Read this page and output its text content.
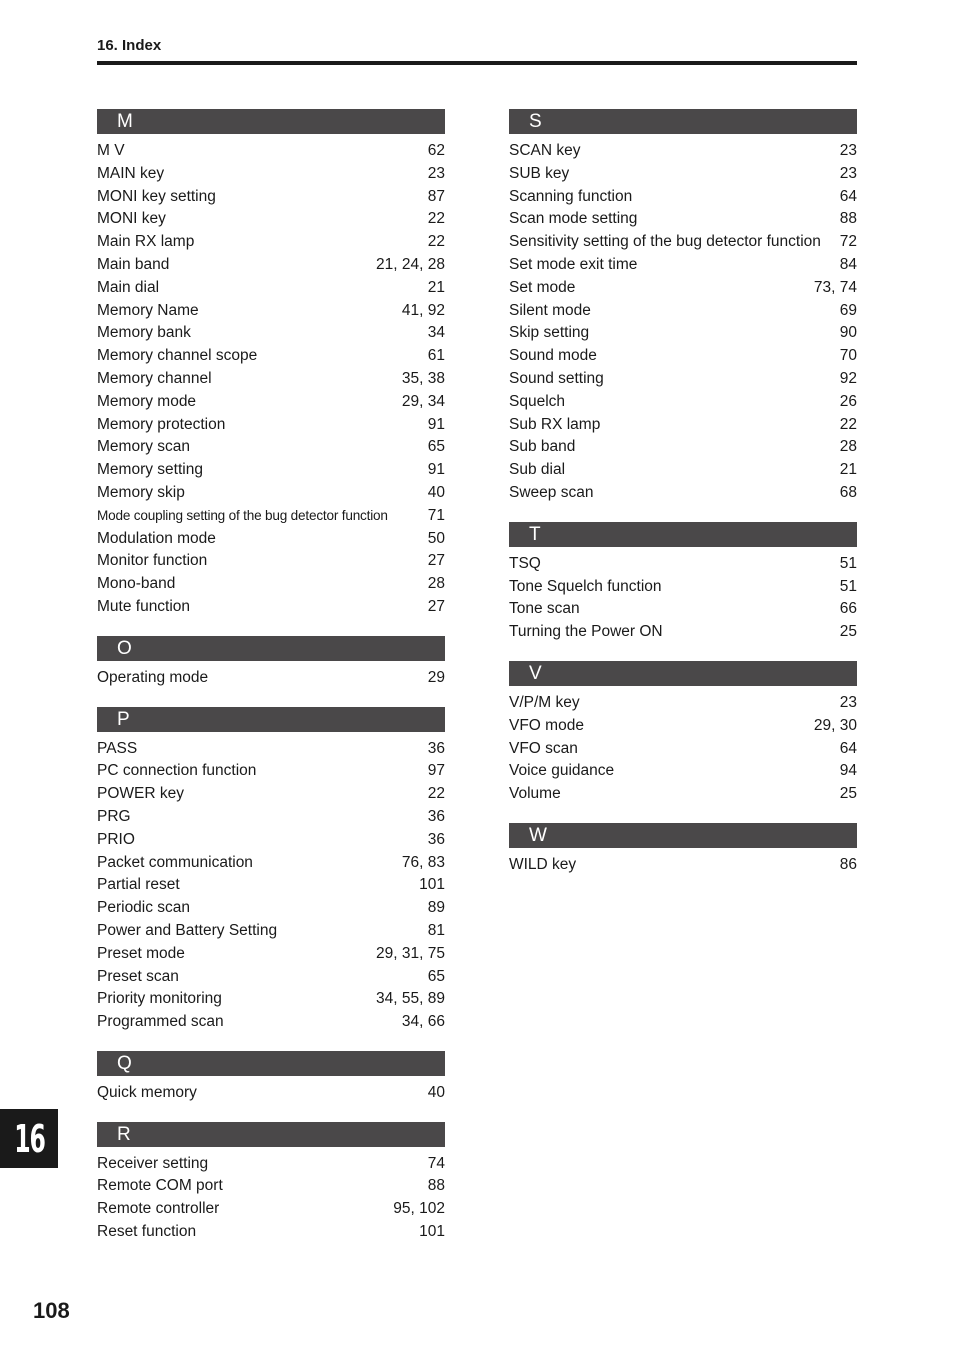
16. Index
M
M V	62
MAIN key	23
MONI key setting	87
MONI key	22
Main RX lamp	22
Main band	21, 24, 28
Main dial	21
Memory Name	41, 92
Memory bank	34
Memory channel scope	61
Memory channel	35, 38
Memory mode	29, 34
Memory protection	91
Memory scan	65
Memory setting	91
Memory skip	40
Mode coupling setting of the bug detector function	71
Modulation mode	50
Monitor function	27
Mono-band	28
Mute function	27
O
Operating mode	29
P
PASS	36
PC connection function	97
POWER key	22
PRG	36
PRIO	36
Packet communication	76, 83
Partial reset	101
Periodic scan	89
Power and Battery Setting	81
Preset mode	29, 31, 75
Preset scan	65
Priority monitoring	34, 55, 89
Programmed scan	34, 66
Q
Quick memory	40
R
Receiver setting	74
Remote COM port	88
Remote controller	95, 102
Reset function	101
S
SCAN key	23
SUB key	23
Scanning function	64
Scan mode setting	88
Sensitivity setting of the bug detector function	72
Set mode exit time	84
Set mode	73, 74
Silent mode	69
Skip setting	90
Sound mode	70
Sound setting	92
Squelch	26
Sub RX lamp	22
Sub band	28
Sub dial	21
Sweep scan	68
T
TSQ	51
Tone Squelch function	51
Tone scan	66
Turning the Power ON	25
V
V/P/M key	23
VFO mode	29, 30
VFO scan	64
Voice guidance	94
Volume	25
W
WILD key	86
16
108
